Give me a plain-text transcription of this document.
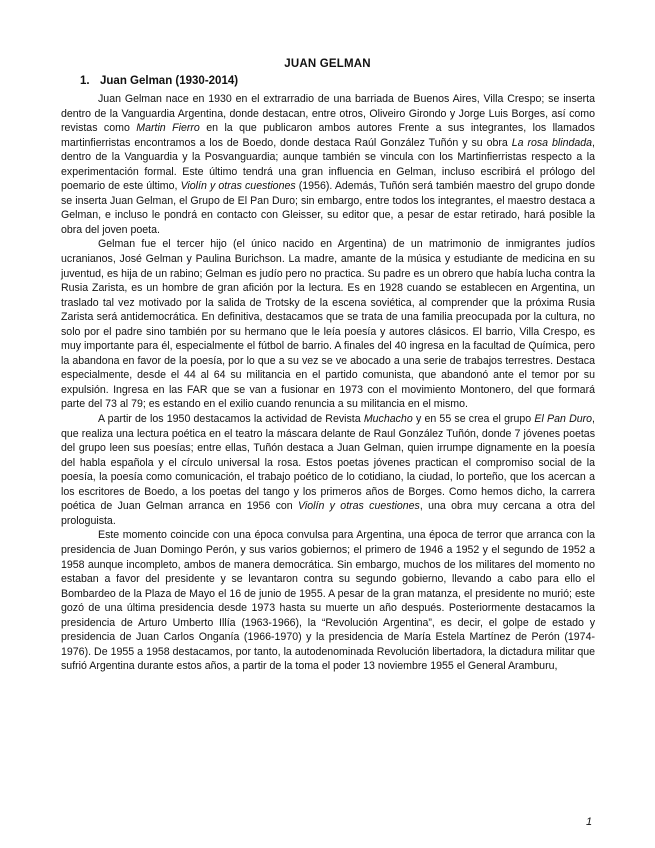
JUAN GELMAN
1. Juan Gelman (1930-2014)

Juan Gelman nace en 1930 en el extrarradio de una barriada de Buenos Aires, Villa Crespo; se inserta dentro de la Vanguardia Argentina, donde destacan, entre otros, Oliveiro Girondo y Jorge Luis Borges, así como revistas como Martin Fierro en la que publicaron ambos autores Frente a sus integrantes, los llamados martinfierristas encontramos a los de Boedo, donde destaca Raúl González Tuñón y su obra La rosa blindada, dentro de la Vanguardia y la Posvanguardia; aunque también se vincula con los Martinfierristas respecto a la experimentación formal. Este último tendrá una gran influencia en Gelman, incluso escribirá el prólogo del poemario de este último, Violín y otras cuestiones (1956). Además, Tuñón será también maestro del grupo donde se inserta Juan Gelman, el Grupo de El Pan Duro; sin embargo, entre todos los integrantes, el maestro destaca a Gelman, e incluso le pondrá en contacto con Gleisser, su editor que, a pesar de estar retirado, hará posible la obra del joven poeta.

Gelman fue el tercer hijo (el único nacido en Argentina) de un matrimonio de inmigrantes judíos ucranianos, José Gelman y Paulina Burichson. La madre, amante de la música y estudiante de medicina en su juventud, es hija de un rabino; Gelman es judío pero no practica. Su padre es un obrero que había lucha contra la Rusia Zarista, es un hombre de gran afición por la lectura. Es en 1928 cuando se establecen en Argentina, un traslado tal vez motivado por la salida de Trotsky de la escena soviética, al comprender que la próxima Rusia Zarista será antidemocrática. En definitiva, destacamos que se trata de una familia preocupada por la cultura, no solo por el padre sino también por su hermano que le leía poesía y autores clásicos. El barrio, Villa Crespo, es muy importante para él, especialmente el fútbol de barrio. A finales del 40 ingresa en la facultad de Química, pero la abandona en favor de la poesía, por lo que a su vez se ve abocado a una serie de trabajos terrestres. Destaca especialmente, desde el 44 al 64 su militancia en el partido comunista, que abandonó ante el temor por su expulsión. Ingresa en las FAR que se van a fusionar en 1973 con el movimiento Montonero, del que formará parte del 73 al 79; es estando en el exilio cuando renuncia a su militancia en el mismo.

A partir de los 1950 destacamos la actividad de Revista Muchacho y en 55 se crea el grupo El Pan Duro, que realiza una lectura poética en el teatro la máscara delante de Raul González Tuñón, donde 7 jóvenes poetas del grupo leen sus poesías; entre ellas, Tuñón destaca a Juan Gelman, quien irrumpe dignamente en la poesía del habla española y el círculo universal la rosa. Estos poetas jóvenes practican el compromiso social de la poesía, la poesía como comunicación, el trabajo poético de lo cotidiano, la ciudad, lo porteño, que los acercan a los escritores de Boedo, a los poetas del tango y los primeros años de Borges. Como hemos dicho, la carrera poética de Juan Gelman arranca en 1956 con Violín y otras cuestiones, una obra muy cercana a otra del prologuista.

Este momento coincide con una época convulsa para Argentina, una época de terror que arranca con la presidencia de Juan Domingo Perón, y sus varios gobiernos; el primero de 1946 a 1952 y el segundo de 1952 a 1958 aunque incompleto, ambos de manera democrática. Sin embargo, muchos de los militares del momento no estaban a favor del presidente y se levantaron contra su segundo gobierno, llevando a cabo para ello el Bombardeo de la Plaza de Mayo el 16 de junio de 1955. A pesar de la gran matanza, el presidente no murió; este gozó de una última presidencia desde 1973 hasta su muerte un año después. Posteriormente destacamos la presidencia de Arturo Umberto Illía (1963-1966), la “Revolución Argentina”, es decir, el golpe de estado y presidencia de Juan Carlos Onganía (1966-1970) y la presidencia de María Estela Martínez de Perón (1974-1976). De 1955 a 1958 destacamos, por tanto, la autodenominada Revolución libertadora, la dictadura militar que sufrió Argentina durante estos años, a partir de la toma el poder 13 noviembre 1955 el General Aramburu,

1
